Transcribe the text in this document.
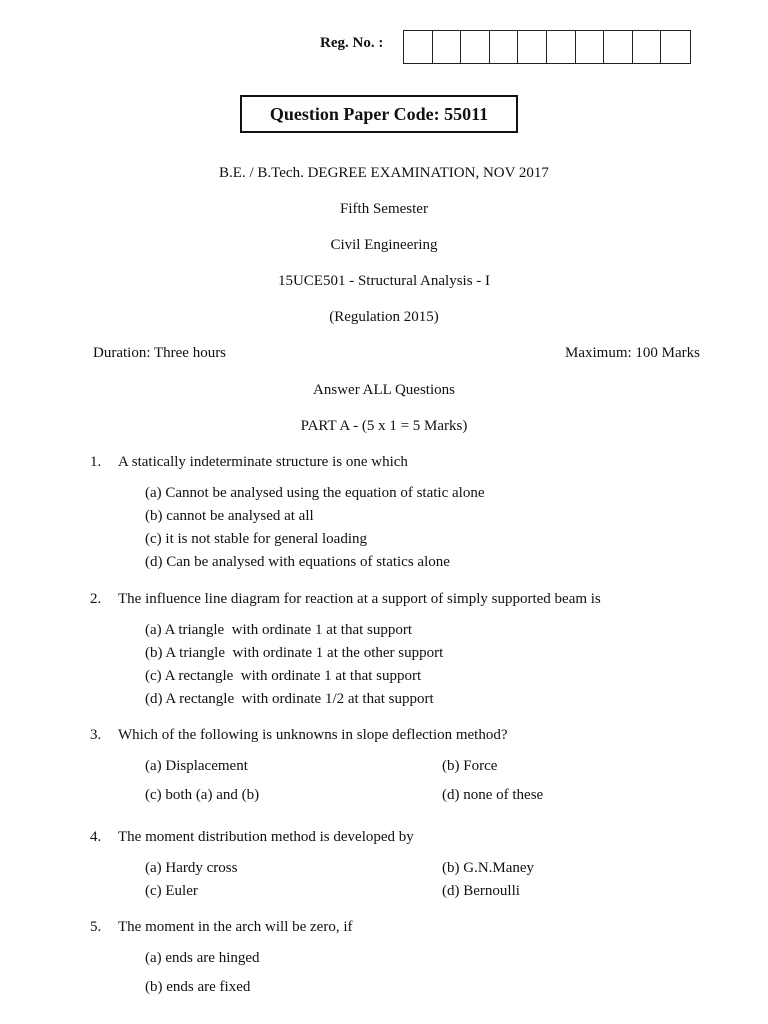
Reg. No. :
Question Paper Code: 55011
B.E. / B.Tech. DEGREE EXAMINATION, NOV 2017
Fifth Semester
Civil Engineering
15UCE501 - Structural Analysis - I
(Regulation 2015)
Duration: Three hours	Maximum: 100 Marks
Answer ALL Questions
PART A - (5 x 1 = 5 Marks)
1. A statically indeterminate structure is one which
(a) Cannot be analysed using the equation of static alone
(b) cannot be analysed at all
(c) it is not stable for general loading
(d) Can be analysed with equations of statics alone
2. The influence line diagram for reaction at a support of simply supported beam is
(a) A triangle  with ordinate 1 at that support
(b) A triangle  with ordinate 1 at the other support
(c) A rectangle  with ordinate 1 at that support
(d) A rectangle  with ordinate 1/2 at that support
3. Which of the following is unknowns in slope deflection method?
(a) Displacement	(b) Force
(c) both (a) and (b)	(d) none of these
4. The moment distribution method is developed by
(a) Hardy cross	(b) G.N.Maney
(c) Euler	(d) Bernoulli
5. The moment in the arch will be zero, if
(a) ends are hinged
(b) ends are fixed
